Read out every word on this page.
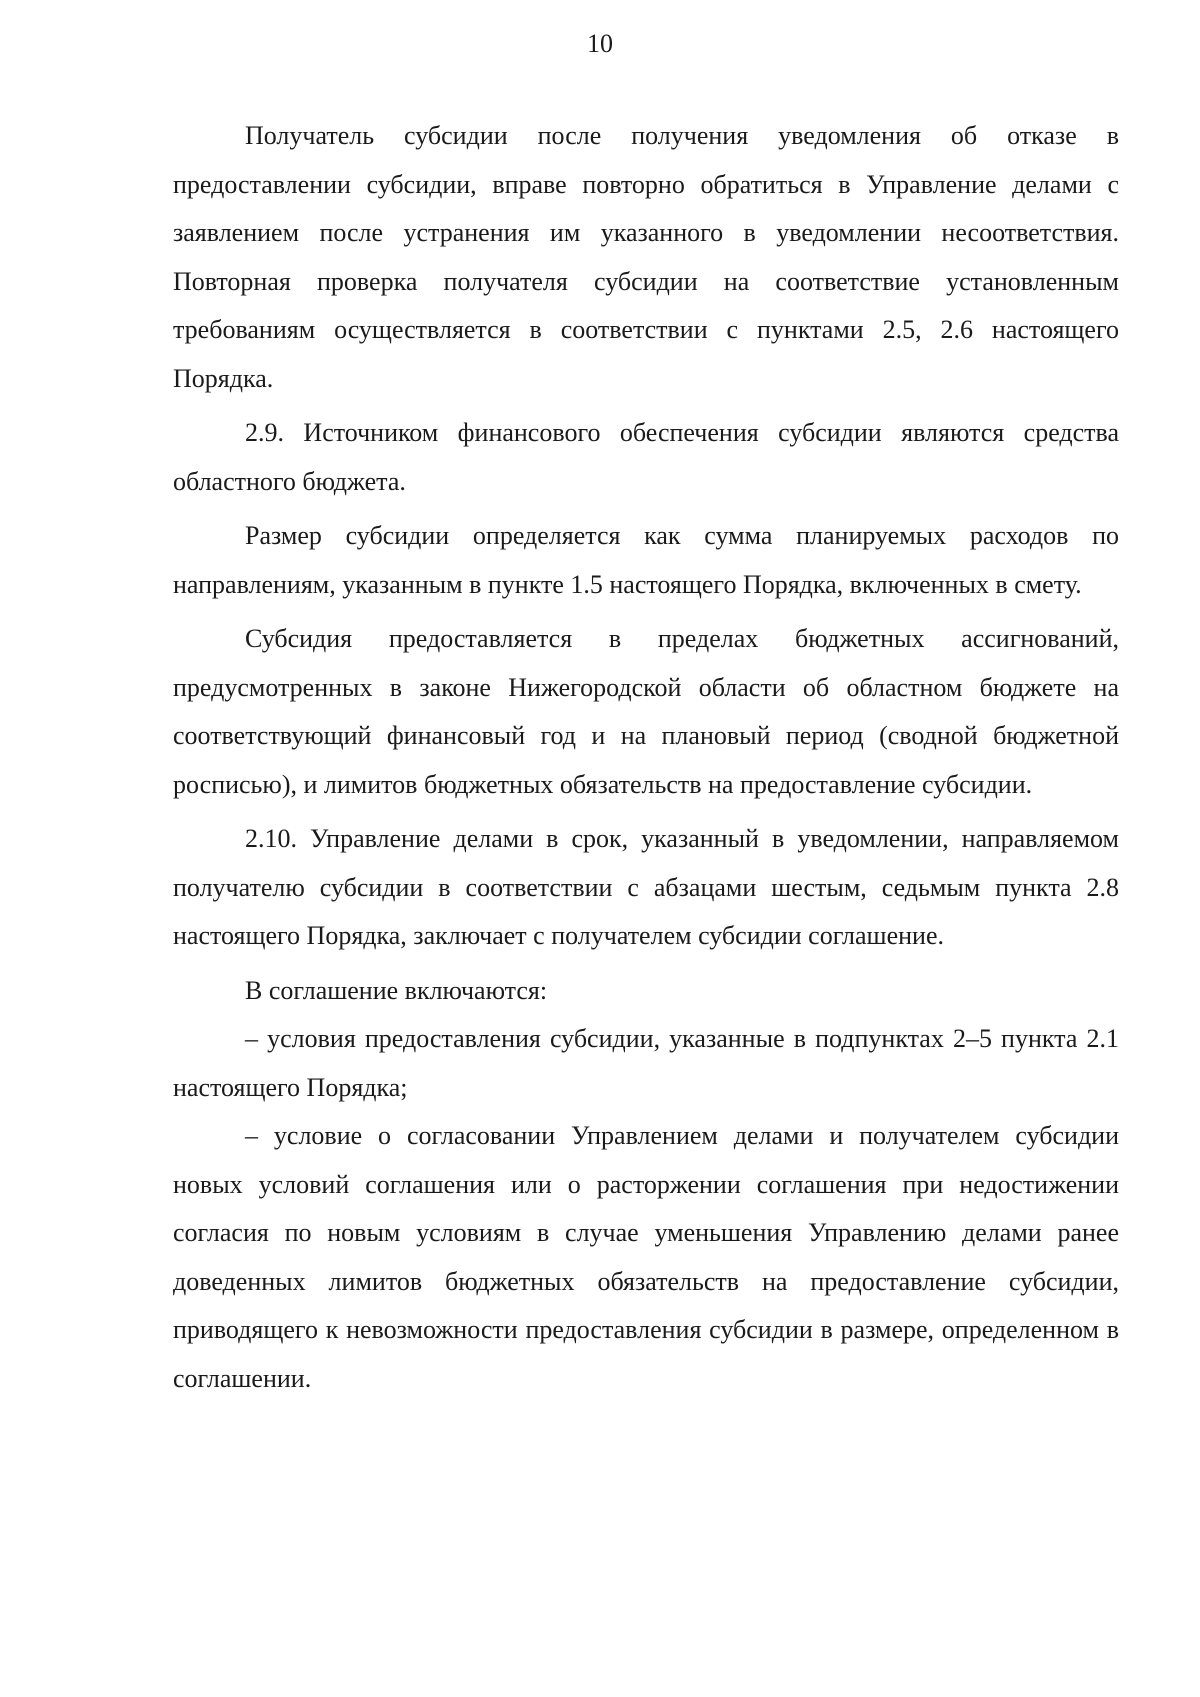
10

Получатель субсидии после получения уведомления об отказе в предоставлении субсидии, вправе повторно обратиться в Управление делами с заявлением после устранения им указанного в уведомлении несоответствия. Повторная проверка получателя субсидии на соответствие установленным требованиям осуществляется в соответствии с пунктами 2.5, 2.6 настоящего Порядка.

2.9. Источником финансового обеспечения субсидии являются средства областного бюджета.

Размер субсидии определяется как сумма планируемых расходов по направлениям, указанным в пункте 1.5 настоящего Порядка, включенных в смету.

Субсидия предоставляется в пределах бюджетных ассигнований, предусмотренных в законе Нижегородской области об областном бюджете на соответствующий финансовый год и на плановый период (сводной бюджетной росписью), и лимитов бюджетных обязательств на предоставление субсидии.

2.10. Управление делами в срок, указанный в уведомлении, направляемом получателю субсидии в соответствии с абзацами шестым, седьмым пункта 2.8 настоящего Порядка, заключает с получателем субсидии соглашение.

В соглашение включаются:

– условия предоставления субсидии, указанные в подпунктах 2–5 пункта 2.1 настоящего Порядка;

– условие о согласовании Управлением делами и получателем субсидии новых условий соглашения или о расторжении соглашения при недостижении согласия по новым условиям в случае уменьшения Управлению делами ранее доведенных лимитов бюджетных обязательств на предоставление субсидии, приводящего к невозможности предоставления субсидии в размере, определенном в соглашении.
